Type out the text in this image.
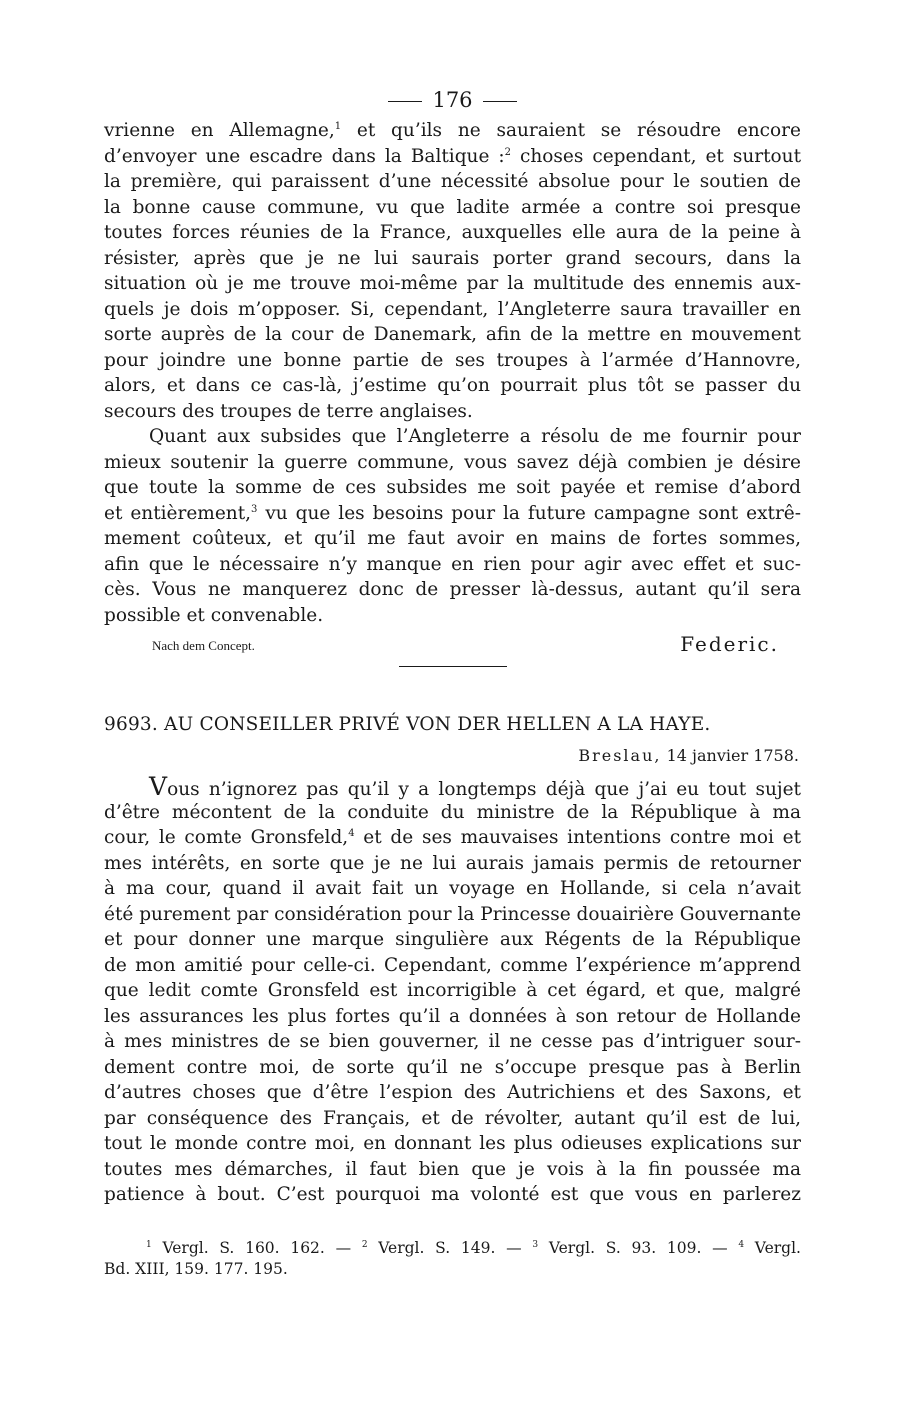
176
vrienne en Allemagne,$^1$ et qu’ils ne sauraient se résoudre encore
d’envoyer une escadre dans la Baltique :$^2$ choses cependant, et surtout
la première, qui paraissent d’une nécessité absolue pour le soutien de
la bonne cause commune, vu que ladite armée a contre soi presque
toutes forces réunies de la France, auxquelles elle aura de la peine à
résister, après que je ne lui saurais porter grand secours, dans la
situation où je me trouve moi-même par la multitude des ennemis aux-
quels je dois m’opposer. Si, cependant, l’Angleterre saura travailler en
sorte auprès de la cour de Danemark, afin de la mettre en mouvement
pour joindre une bonne partie de ses troupes à l’armée d’Hannovre,
alors, et dans ce cas-là, j’estime qu’on pourrait plus tôt se passer du
secours des troupes de terre anglaises.
Quant aux subsides que l’Angleterre a résolu de me fournir pour
mieux soutenir la guerre commune, vous savez déjà combien je désire
que toute la somme de ces subsides me soit payée et remise d’abord
et entièrement,$^3$ vu que les besoins pour la future campagne sont extrê-
mement coûteux, et qu’il me faut avoir en mains de fortes sommes,
afin que le nécessaire n’y manque en rien pour agir avec effet et suc-
cès. Vous ne manquerez donc de presser là-dessus, autant qu’il sera
possible et convenable.
Nach dem Concept.	Federic.
9693. AU CONSEILLER PRIVÉ VON DER HELLEN A LA HAYE.
Breslau, 14 janvier 1758.
Vous n’ignorez pas qu’il y a longtemps déjà que j’ai eu tout sujet
d’être mécontent de la conduite du ministre de la République à ma
cour, le comte Gronsfeld,$^4$ et de ses mauvaises intentions contre moi et
mes intérêts, en sorte que je ne lui aurais jamais permis de retourner
à ma cour, quand il avait fait un voyage en Hollande, si cela n’avait
été purement par considération pour la Princesse douairière Gouvernante
et pour donner une marque singulière aux Régents de la République
de mon amitié pour celle-ci. Cependant, comme l’expérience m’apprend
que ledit comte Gronsfeld est incorrigible à cet égard, et que, malgré
les assurances les plus fortes qu’il a données à son retour de Hollande
à mes ministres de se bien gouverner, il ne cesse pas d’intriguer sour-
dement contre moi, de sorte qu’il ne s’occupe presque pas à Berlin
d’autres choses que d’être l’espion des Autrichiens et des Saxons, et
par conséquence des Français, et de révolter, autant qu’il est de lui,
tout le monde contre moi, en donnant les plus odieuses explications sur
toutes mes démarches, il faut bien que je vois à la fin poussée ma
patience à bout. C’est pourquoi ma volonté est que vous en parlerez
$^1$ Vergl. S. 160. 162. — $^2$ Vergl. S. 149. — $^3$ Vergl. S. 93. 109. — $^4$ Vergl.
Bd. XIII, 159. 177. 195.
